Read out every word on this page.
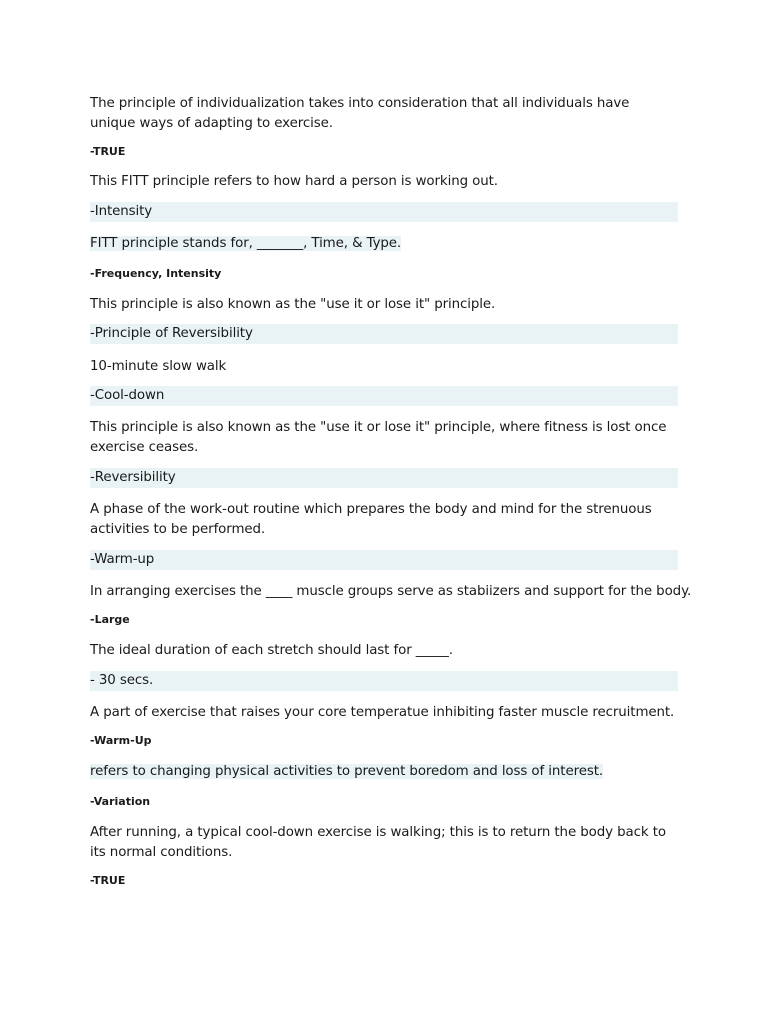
The principle of individualization takes into consideration that all individuals have unique ways of adapting to exercise.
-TRUE
This FITT principle refers to how hard a person is working out.
-Intensity
FITT principle stands for, _______, Time, & Type.
-Frequency, Intensity
This principle is also known as the "use it or lose it" principle.
-Principle of Reversibility
10-minute slow walk
-Cool-down
This principle is also known as the "use it or lose it" principle, where fitness is lost once exercise ceases.
-Reversibility
A phase of the work-out routine which prepares the body and mind for the strenuous activities to be performed.
-Warm-up
In arranging exercises the ____ muscle groups serve as stabiizers and support for the body.
-Large
The ideal duration of each stretch should last for _____.
- 30 secs.
A part of exercise that raises your core temperatue inhibiting faster muscle recruitment.
-Warm-Up
refers to changing physical activities to prevent boredom and loss of interest.
-Variation
After running, a typical cool-down exercise is walking; this is to return the body back to its normal conditions.
-TRUE
